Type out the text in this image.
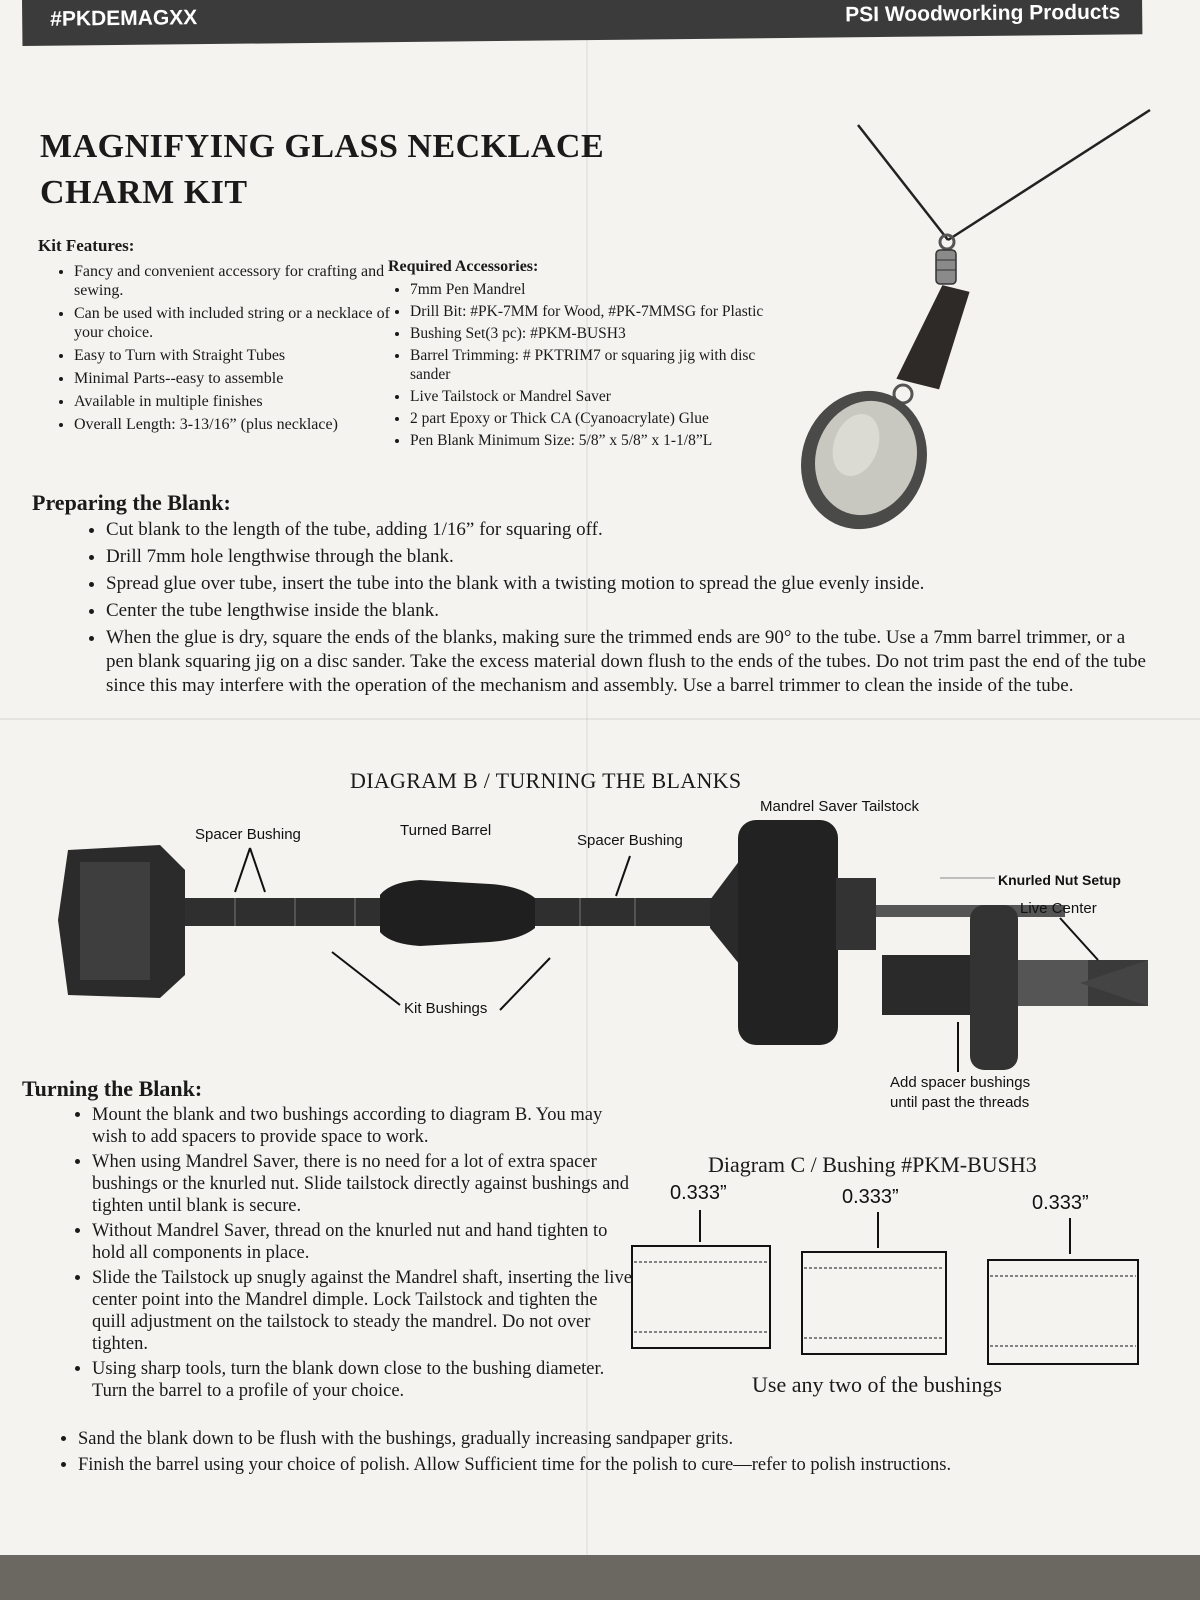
#PKDEMAGXX	PSI Woodworking Products
MAGNIFYING GLASS NECKLACE
CHARM KIT
Kit Features:
• Fancy and convenient accessory for crafting and sewing.
• Can be used with included string or a necklace of your choice.
• Easy to Turn with Straight Tubes
• Minimal Parts--easy to assemble
• Available in multiple finishes
• Overall Length: 3-13/16” (plus necklace)
Required Accessories:
• 7mm Pen Mandrel
• Drill Bit: #PK-7MM for Wood, #PK-7MMSG for Plastic
• Bushing Set(3 pc): #PKM-BUSH3
• Barrel Trimming: # PKTRIM7 or squaring jig with disc sander
• Live Tailstock or Mandrel Saver
• 2 part Epoxy or Thick CA (Cyanoacrylate) Glue
• Pen Blank Minimum Size: 5/8” x 5/8” x 1-1/8”L
Preparing the Blank:
• Cut blank to the length of the tube, adding 1/16” for squaring off.
• Drill 7mm hole lengthwise through the blank.
• Spread glue over tube, insert the tube into the blank with a twisting motion to spread the glue evenly inside.
• Center the tube lengthwise inside the blank.
• When the glue is dry, square the ends of the blanks, making sure the trimmed ends are 90° to the tube. Use a 7mm barrel trimmer, or a pen blank squaring jig on a disc sander. Take the excess material down flush to the ends of the tubes. Do not trim past the end of the tube since this may interfere with the operation of the mechanism and assembly. Use a barrel trimmer to clean the inside of the tube.
DIAGRAM B / TURNING THE BLANKS
Spacer Bushing	Turned Barrel
Spacer Bushing
Mandrel Saver Tailstock
Knurled Nut Setup
Live Center
Kit Bushings
Add spacer bushings
until past the threads
Turning the Blank:
• Mount the blank and two bushings according to diagram B. You may wish to add spacers to provide space to work.
• When using Mandrel Saver, there is no need for a lot of extra spacer bushings or the knurled nut. Slide tailstock directly against bushings and tighten until blank is secure.
• Without Mandrel Saver, thread on the knurled nut and hand tighten to hold all components in place.
• Slide the Tailstock up snugly against the Mandrel shaft, inserting the live center point into the Mandrel dimple. Lock Tailstock and tighten the quill adjustment on the tailstock to steady the mandrel. Do not over tighten.
• Using sharp tools, turn the blank down close to the bushing diameter. Turn the barrel to a profile of your choice.
• Sand the blank down to be flush with the bushings, gradually increasing sandpaper grits.
• Finish the barrel using your choice of polish. Allow Sufficient time for the polish to cure—refer to polish instructions.
Diagram C / Bushing #PKM-BUSH3
0.333”	0.333”	0.333”
Use any two of the bushings
